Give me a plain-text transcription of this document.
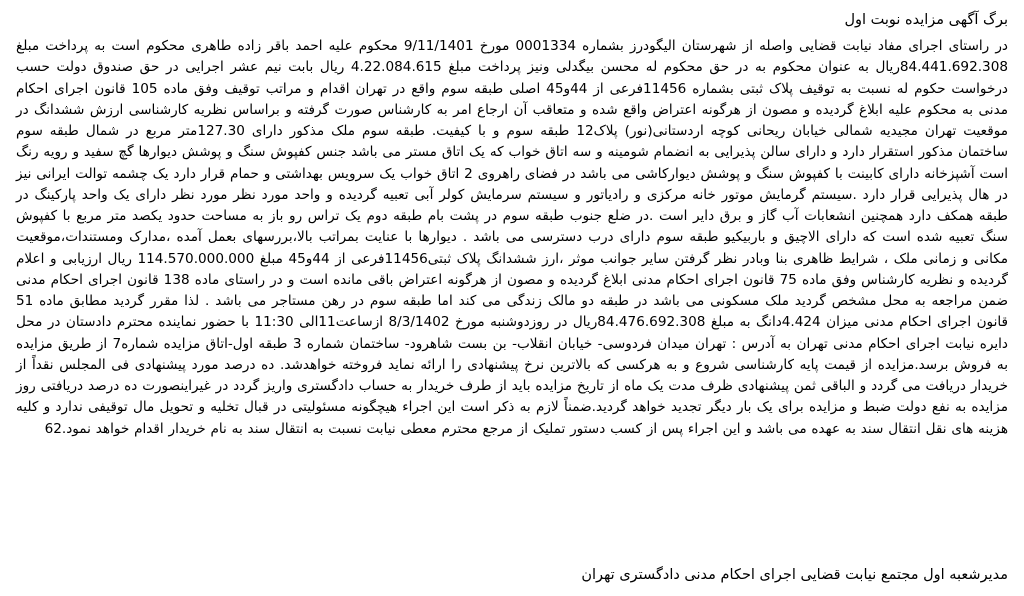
برگ آگهی مزایده نوبت اول
در راستای اجرای مفاد نیابت قضایی واصله از شهرستان الیگودرز بشماره 0001334 مورخ 9/11/1401 محکوم علیه احمد باقر زاده طاهری محکوم است به پرداخت مبلغ 84.441.692.308ریال به عنوان محکوم به در حق محکوم له محسن بیگدلی ونیز پرداخت مبلغ 4.22.084.615 ریال بابت نیم عشر اجرایی در حق صندوق دولت حسب درخواست حکوم له نسبت به توقیف پلاک ثبتی بشماره 11456فرعی از 44و45 اصلی طبقه سوم واقع در تهران اقدام و مراتب توقیف وفق ماده 105 قانون اجرای احکام مدنی به محکوم علیه ابلاغ گردیده و مصون از هرگونه اعتراض واقع شده و متعاقب آن ارجاع امر به کارشناس صورت گرفته و براساس نظریه کارشناسی ارزش ششدانگ در موقعیت تهران مجیدیه شمالی خیابان ریحانی کوچه اردستانی(نور) پلاک12 طبقه سوم و با کیفیت. طبقه سوم ملک مذکور دارای 127.30متر مربع در شمال طبقه سوم ساختمان مذکور استقرار دارد و دارای سالن پذیرایی به انضمام شومینه و سه اتاق خواب که یک اتاق مستر می باشد جنس کفپوش سنگ و پوشش دیوارها گچ سفید و رویه رنگ است آشپزخانه دارای کابینت با کفپوش سنگ و پوشش دیوارکاشی می باشد در فضای راهروی 2 اتاق خواب یک سرویس بهداشتی و حمام قرار دارد یک چشمه توالت ایرانی نیز در هال پذیرایی قرار دارد .سیستم گرمایش موتور خانه مرکزی و رادیاتور و سیستم سرمایش کولر آبی تعبیه گردیده و واحد مورد نظر مورد نظر دارای یک واحد پارکینگ در طبقه همکف دارد همچنین انشعابات آب گاز و برق دایر است .در ضلع جنوب طبقه سوم در پشت بام طبقه دوم یک تراس رو باز به مساحت حدود یکصد متر مربع با کفپوش سنگ تعبیه شده است که دارای الاچیق و باربیکیو طبقه سوم دارای درب دسترسی می باشد . دیوارها با عنایت بمراتب بالا،بررسهای بعمل آمده ،مدارک ومستندات،موقعیت مکانی و زمانی ملک ، شرایط ظاهری بنا وبادر نظر گرفتن سایر جوانب موثر ،ارز ششدانگ پلاک ثبتی11456فرعی از 44و45 مبلغ 114.570.000.000 ریال ارزیابی و اعلام گردیده و نظریه کارشناس وفق ماده 75 قانون اجرای احکام مدنی ابلاغ گردیده و مصون از هرگونه اعتراض باقی مانده است و در راستای ماده 138 قانون اجرای احکام مدنی ضمن مراجعه به محل مشخص گردید ملک مسکونی می باشد در طبقه دو مالک زندگی می کند اما طبقه سوم در رهن مستاجر می باشد . لذا مقرر گردید مطابق ماده 51 قانون اجرای احکام مدنی میزان 4.424دانگ به مبلغ 84.476.692.308ریال در روزدوشنبه مورخ 8/3/1402 ازساعت11الی 11:30 با حضور نماینده محترم دادستان در محل دایره نیابت اجرای احکام مدنی تهران به آدرس : تهران میدان فردوسی- خیابان انقلاب- بن بست شاهرود- ساختمان شماره 3 طبقه اول-اتاق مزایده شماره7 از طریق مزایده به فروش برسد.مزایده از قیمت پایه کارشناسی شروع و به هرکسی که بالاترین نرخ پیشنهادی را ارائه نماید فروخته خواهدشد. ده درصد مورد پیشنهادی فی المجلس نقداً از خریدار دریافت می گردد و الباقی ثمن پیشنهادی ظرف مدت یک ماه از تاریخ مزایده باید از طرف خریدار به حساب دادگستری واریز گردد در غیراینصورت ده درصد دریافتی روز مزایده به نفع دولت ضبط و مزایده برای یک بار دیگر تجدید خواهد گردید.ضمناً لازم به ذکر است این اجراء هیچگونه مسئولیتی در قبال تخلیه و تحویل مال توقیفی ندارد و کلیه هزینه های نقل انتقال سند به عهده می باشد و این اجراء پس از کسب دستور تملیک از مرجع محترم معطی نیابت نسبت به انتقال سند به نام خریدار اقدام خواهد نمود.62
مدیرشعبه اول مجتمع نیابت قضایی اجرای احکام مدنی دادگستری تهران
